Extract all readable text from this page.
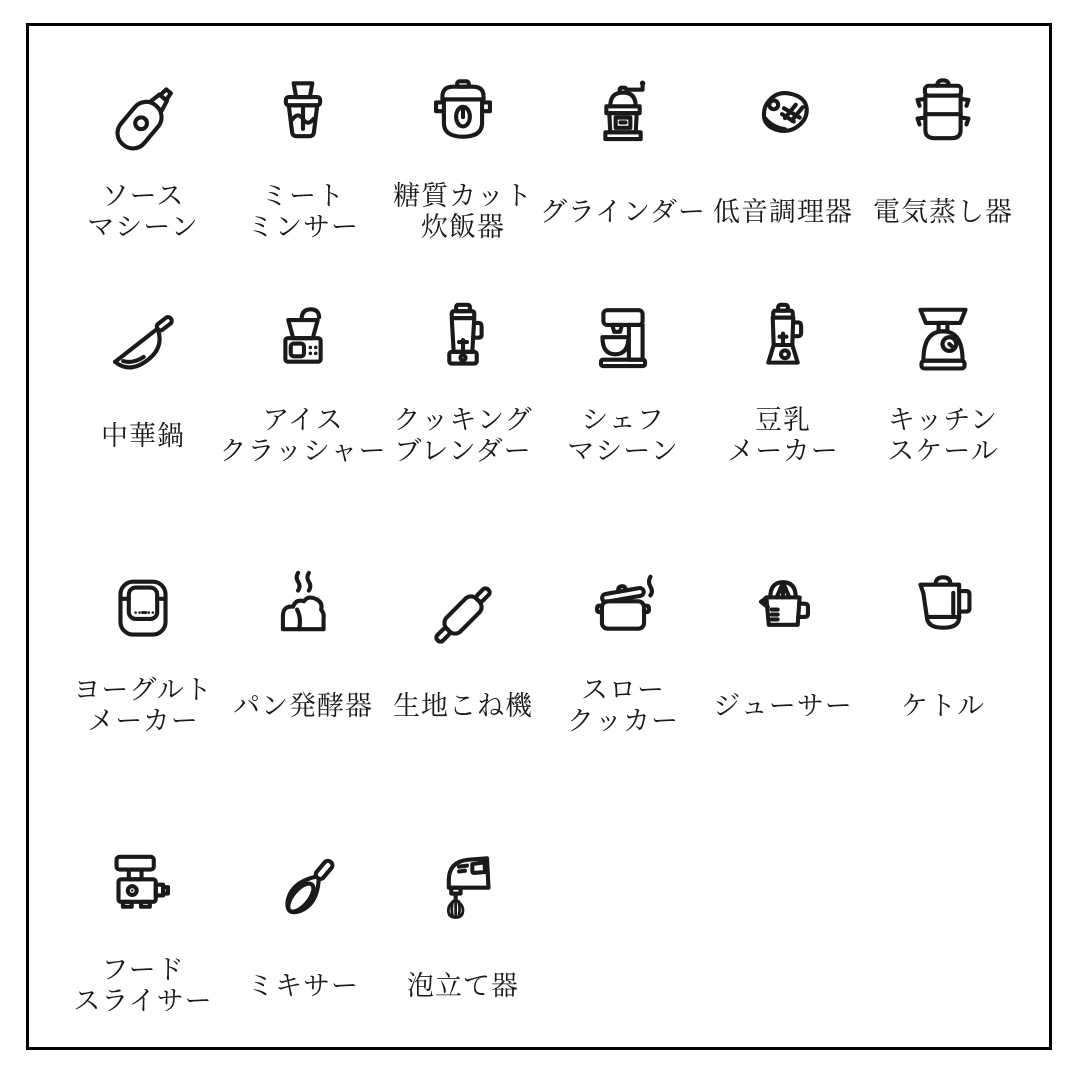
ソース
マシーン
ミート
ミンサー
糖質カット
炊飯器
グラインダー 低音調理器 電気蒸し器
中華鍋
アイス
クラッシャー
クッキング
ブレンダー
シェフ
マシーン
豆乳
メーカー
キッチン
スケール
ヨーグルト
メーカー
パン発酵器 生地こね機
スロー
クッカー
ジューサー ケトル
フード
スライサー
ミキサー 泡立て器
